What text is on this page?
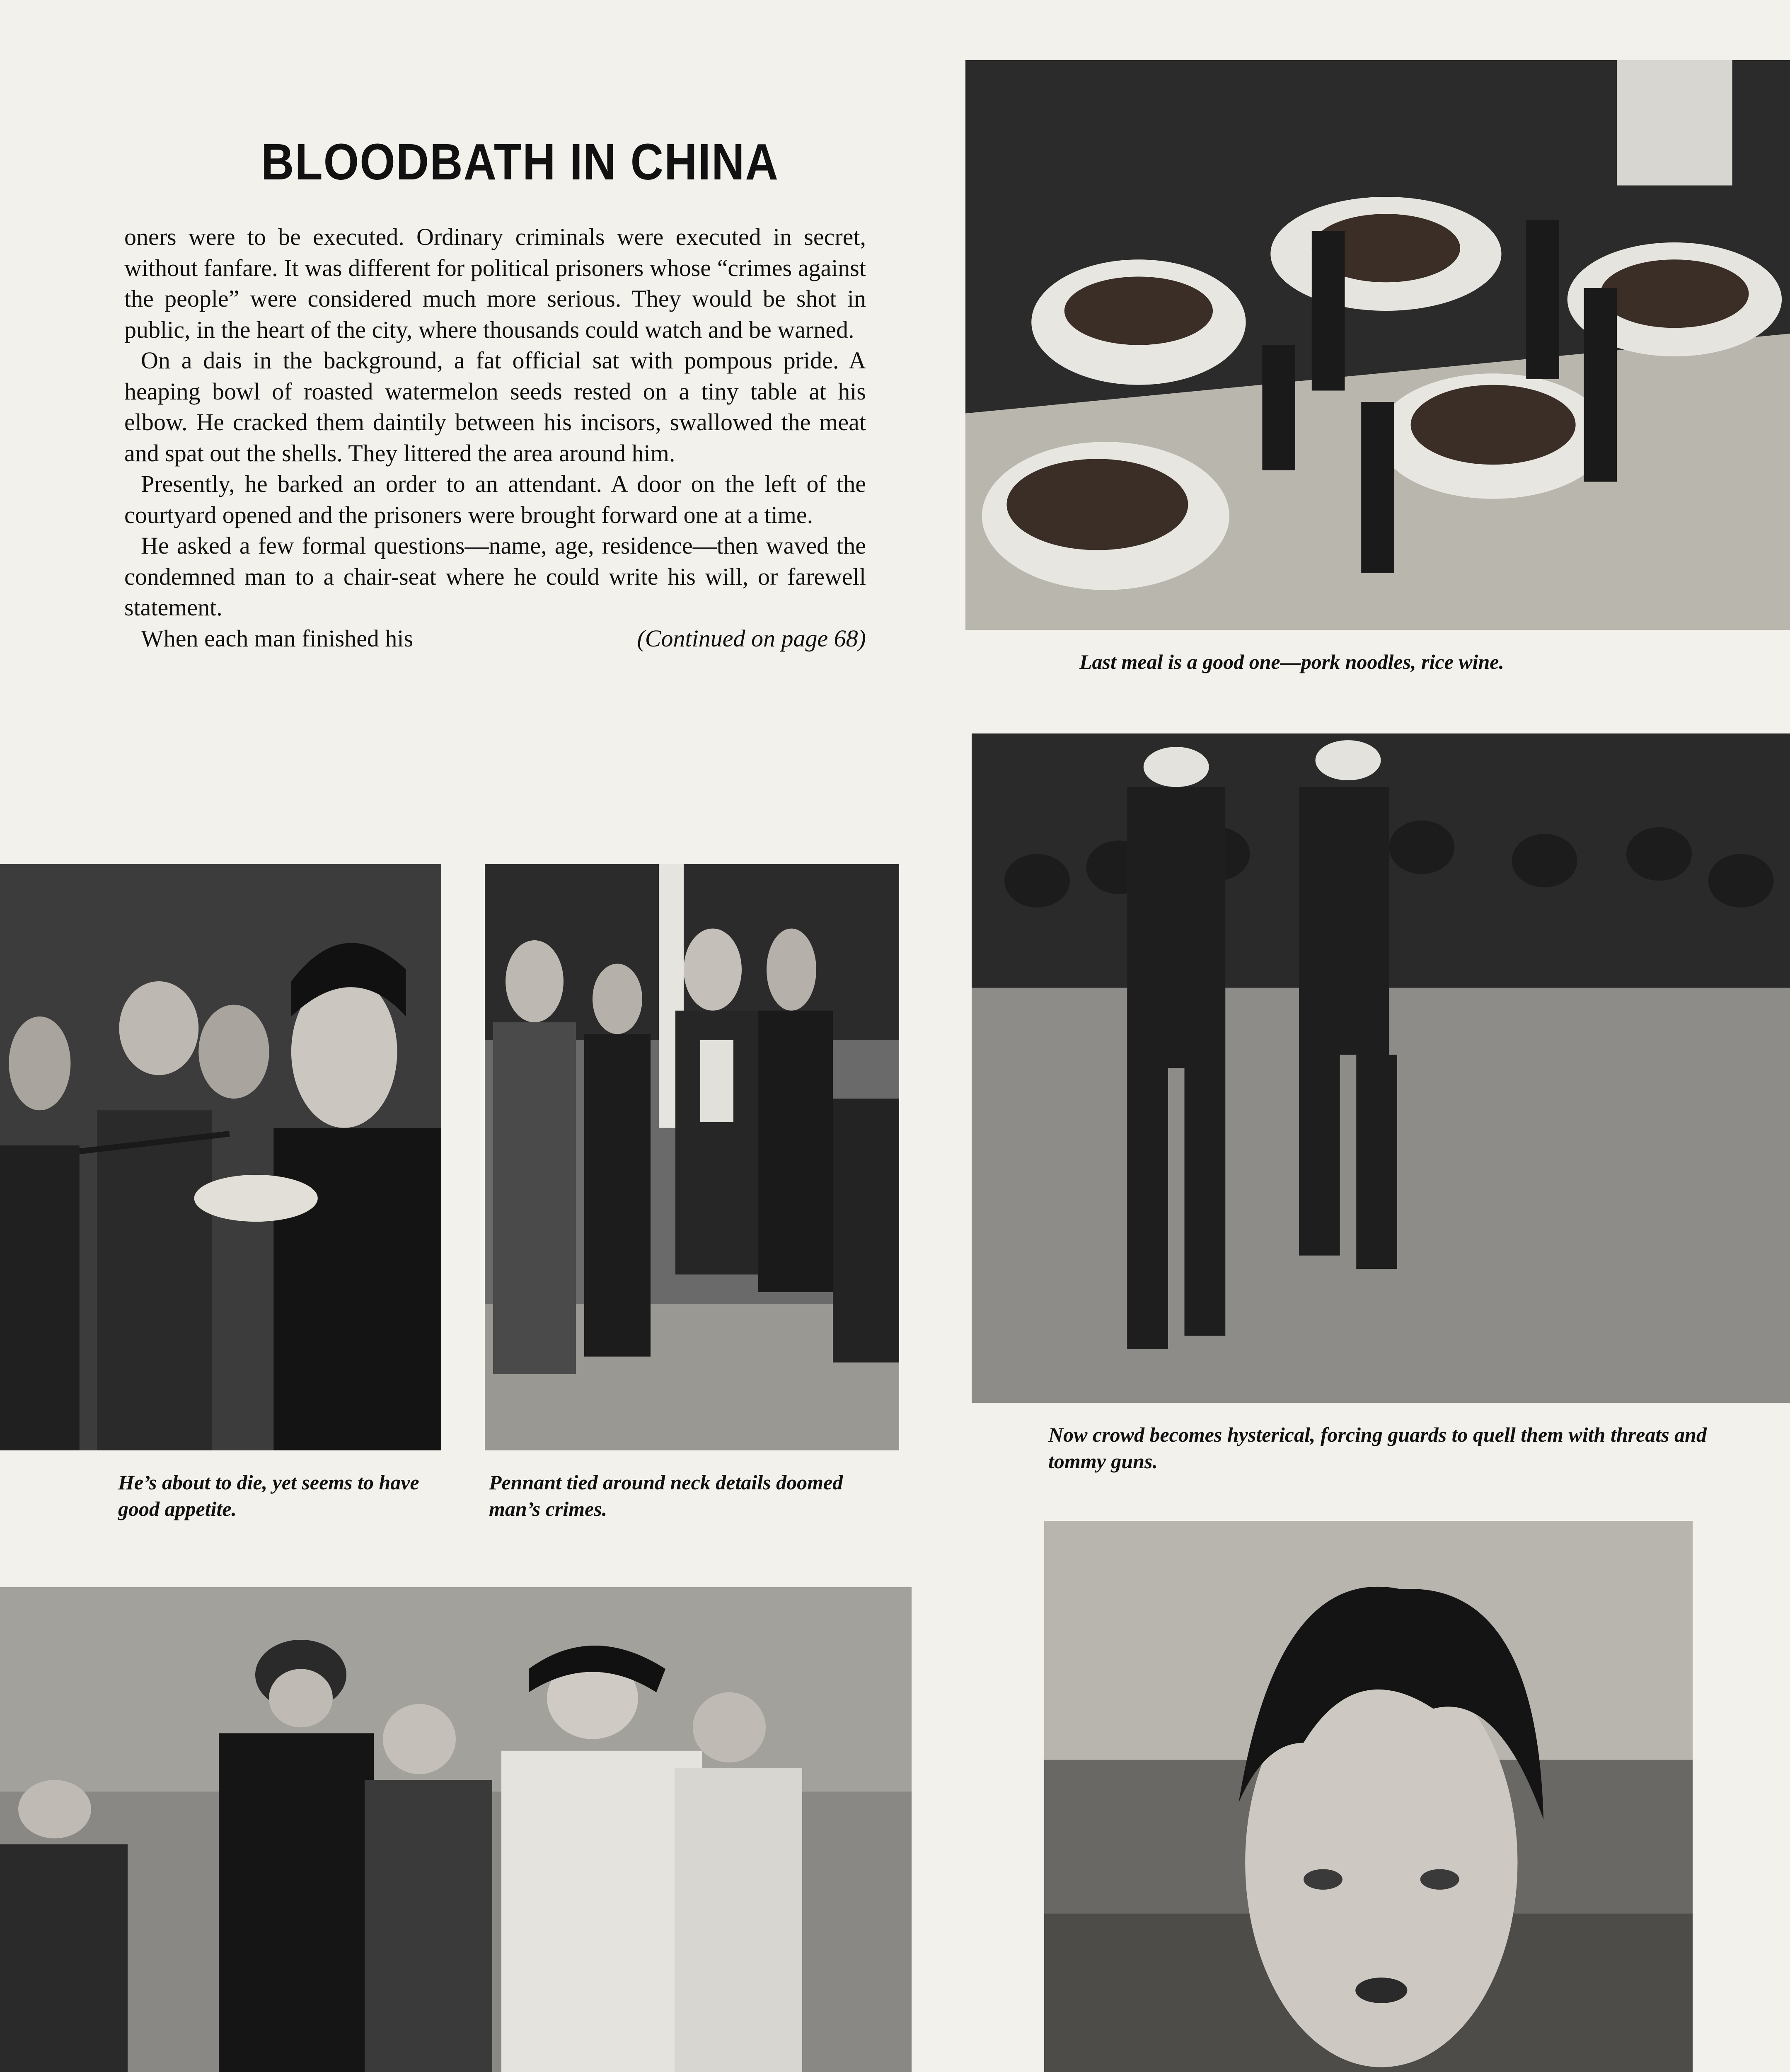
BLOODBATH IN CHINA

oners were to be executed. Ordinary criminals were executed in secret, without fanfare. It was different for political prisoners whose “crimes against the people” were considered much more serious. They would be shot in public, in the heart of the city, where thousands could watch and be warned.

On a dais in the background, a fat official sat with pompous pride. A heaping bowl of roasted watermelon seeds rested on a tiny table at his elbow. He cracked them daintily between his incisors, swallowed the meat and spat out the shells. They littered the area around him.

Presently, he barked an order to an attendant. A door on the left of the courtyard opened and the prisoners were brought forward one at a time.

He asked a few formal questions—name, age, residence—then waved the condemned man to a chair-seat where he could write his will, or farewell statement.

When each man finished his	(Continued on page 68)
Last meal is a good one—pork noodles, rice wine.
Now crowd becomes hysterical, forcing guards to quell them with threats and tommy guns.
He’s about to die, yet seems to have good appetite.
Pennant tied around neck details doomed man’s crimes.
